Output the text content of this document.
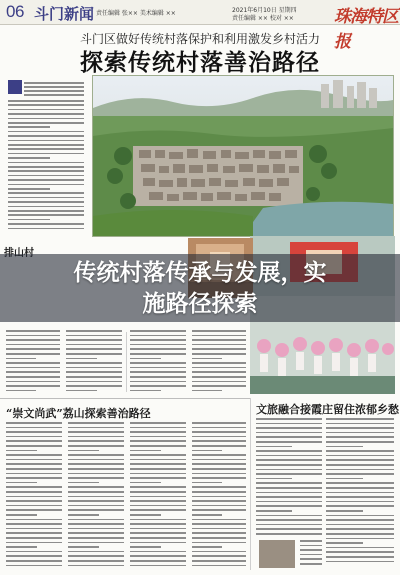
06 斗门新闻 责任编辑 张×× 美术编辑 ××	2021年6月10日 星期四
责任编辑 ×× 校对 ×× 珠海特区报
斗门区做好传统村落保护和利用激发乡村活力
探索传统村落善治路径
“崇文尚武”荔山探索善治路径	文旅融合接霞庄留住浓郁乡愁
传统村落传承与发展，实
施路径探索
